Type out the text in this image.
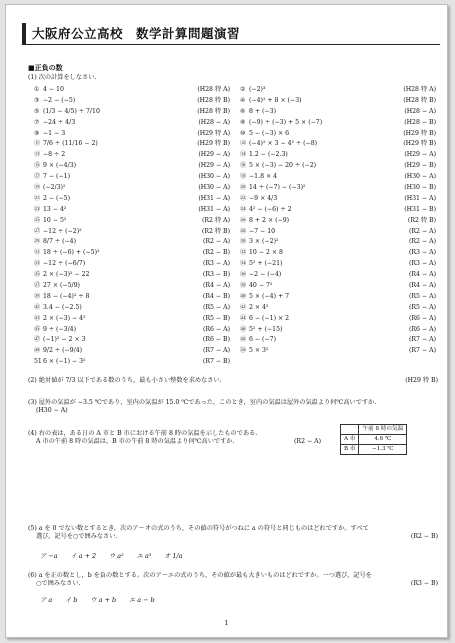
大阪府公立高校　数学計算問題演習
■正負の数
(1) 次の計算をしなさい.
① 4 − 10	(H28 特 A) ② (−2)³	(H28 特 A)
③ −2 − (−5)	(H28 特 B) ④ (−4)² + 8 × (−3)	(H28 特 B)
⑤ (1/3 − 4/5) ÷ 7/10	(H28 特 B) ⑥ 8 + (−3)	(H28 − A)
⑦ −24 ÷ 4/3	(H28 − A) ⑧ (−9) ÷ (−3) + 5 × (−7)	(H28 − B)
⑨ −1 − 3	(H29 特 A) ⑩ 5 − (−3) × 6	(H29 特 B)
⑪ 7/6 ÷ (11/16 − 2)	(H29 特 B) ⑫ (−4)² × 3 − 4² ÷ (−8)	(H29 特 B)
⑬ −8 ÷ 2	(H29 − A) ⑭ 1.2 − (−2.3)	(H29 − A)
⑮ 9 × (−4/3)	(H29 − A) ⑯ 5 × (−3) − 20 ÷ (−2)	(H29 − B)
⑰ 7 − (−1)	(H30 − A) ⑱ −1.8 × 4	(H30 − A)
⑲ (−2/3)²	(H30 − A) ⑳ 14 ÷ (−7) − (−3)²	(H30 − B)
㉑ 2 − (−5)	(H31 − A) ㉒ −9 × 4/3	(H31 − A)
㉓ 13 − 4²	(H31 − A) ㉔ 4² − (−6) ÷ 2	(H31 − B)
㉕ 10 − 5²	(R2 特 A) ㉖ 8 + 2 × (−9)	(R2 特 B)
㉗ −12 ÷ (−2)²	(R2 特 B) ㉘ −7 − 10	(R2 − A)
㉙ 8/7 ÷ (−4)	(R2 − A) ㉚ 3 × (−2)²	(R2 − A)
㉛ 18 ÷ (−6) + (−5)²	(R2 − B) ㉜ 10 − 2 × 8	(R3 − A)
㉝ −12 ÷ (−6/7)	(R3 − A) ㉞ 5² + (−21)	(R3 − A)
㉟ 2 × (−3)² − 22	(R3 − B) ㊱ −2 − (−4)	(R4 − A)
㊲ 27 × (−5/9)	(R4 − A) ㊳ 40 − 7²	(R4 − A)
㊴ 18 − (−4)² ÷ 8	(R4 − B) ㊵ 5 × (−4) + 7	(R5 − A)
㊶ 3.4 − (−2.5)	(R5 − A) ㊷ 2 × 4²	(R5 − A)
㊸ 2 × (−3) − 4²	(R5 − B) ㊹ 6 − (−1) × 2	(R6 − A)
㊺ 9 ÷ (−3/4)	(R6 − A) ㊻ 5² + (−15)	(R6 − A)
㊼ (−1)² − 2 × 3	(R6 − B) ㊽ 6 − (−7)	(R7 − A)
㊾ 9/2 ÷ (−9/4)	(R7 − A) ㊿ 5 × 3²	(R7 − A)
516 × (−1) − 3²	(R7 − B)
(2) 絶対値が 7/3 以下である数のうち，最も小さい整数を求めなさい.	(H29 特 B)
(3) 屋外の気温が −3.5 ℃であり，室内の気温が 15.0 ℃であった。このとき，室内の気温は屋外の気温より何℃高いですか.
(H30 − A)
(4) 右の表は，ある日の A 市と B 市における午前 8 時の気温を示したものである.
A 市の午前 8 時の気温は，B 市の午前 8 時の気温より何℃高いですか.	(R2 − A)
	午前 8 時の気温
A 市	4.6 ℃
B 市	−1.3 ℃
(5) a を 0 でない数とするとき，次のア〜オの式のうち，その値の符号がつねに a の符号と同じものはどれですか。すべて
選び，記号を○で囲みなさい.	(R2 − B)
ア −a　　イ a + 2　　ウ a²　　エ a³　　オ 1/a
(6) a を正の数とし，b を負の数とする。次のア〜エの式のうち，その値が最も大きいものはどれですか。一つ選び，記号を
○で囲みなさい.	(R3 − B)
ア a　　イ b　　ウ a + b　　エ a − b
1
